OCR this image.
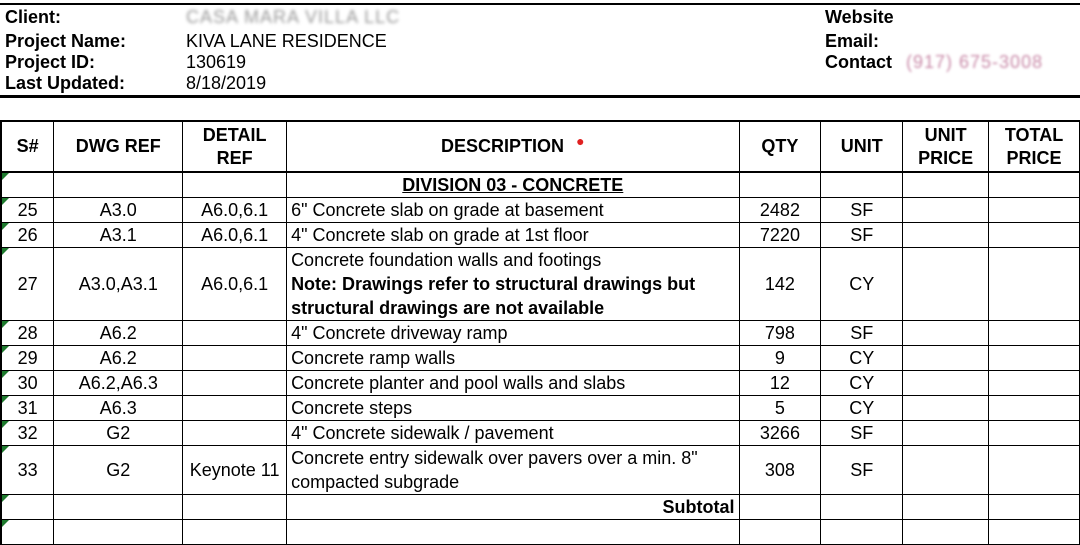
Client:	CASA MARA VILLA LLC
Project Name:	KIVA LANE RESIDENCE
Project ID:	130619
Last Updated:	8/18/2019
Website
Email:
Contact (917) 675-3008
S#	DWG REF	DETAIL REF	DESCRIPTION ●	QTY	UNIT	UNIT PRICE	TOTAL PRICE
			DIVISION 03 - CONCRETE				
25	A3.0	A6.0,6.1	6" Concrete slab on grade at basement	2482	SF		
26	A3.1	A6.0,6.1	4" Concrete slab on grade at 1st floor	7220	SF		
27	A3.0,A3.1	A6.0,6.1	Concrete foundation walls and footings
Note: Drawings refer to structural drawings but structural drawings are not available	142	CY		
28	A6.2		4" Concrete driveway ramp	798	SF		
29	A6.2		Concrete ramp walls	9	CY		
30	A6.2,A6.3		Concrete planter and pool walls and slabs	12	CY		
31	A6.3		Concrete steps	5	CY		
32	G2		4" Concrete sidewalk / pavement	3266	SF		
33	G2	Keynote 11	Concrete entry sidewalk over pavers over a min. 8" compacted subgrade	308	SF		
			Subtotal				
